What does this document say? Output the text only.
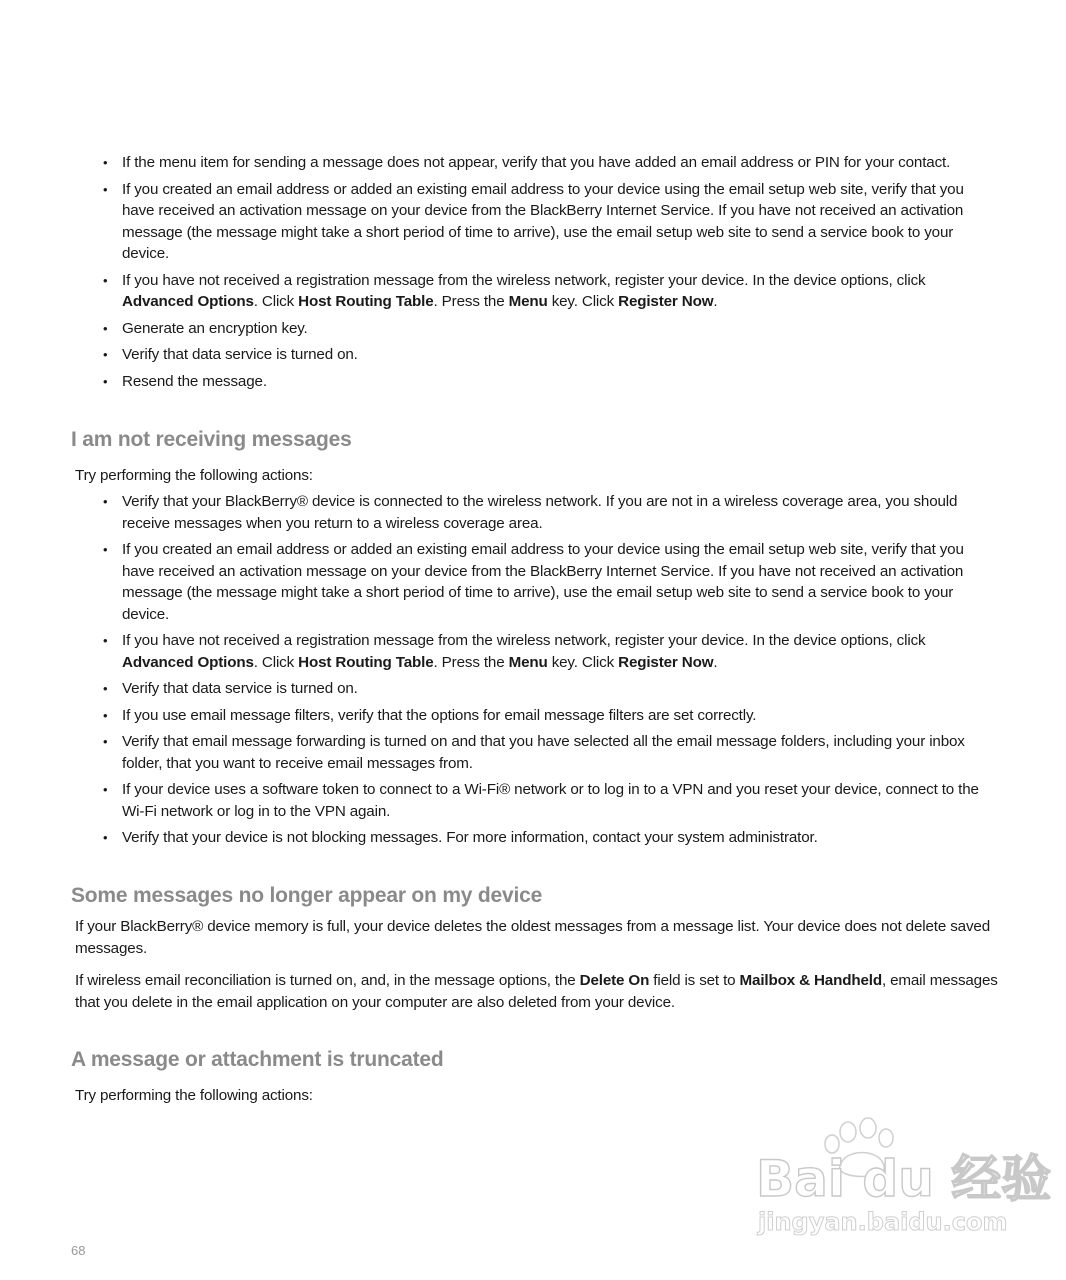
• If the menu item for sending a message does not appear, verify that you have added an email address or PIN for your contact.
• If you created an email address or added an existing email address to your device using the email setup web site, verify that you have received an activation message on your device from the BlackBerry Internet Service. If you have not received an activation message (the message might take a short period of time to arrive), use the email setup web site to send a service book to your device.
• If you have not received a registration message from the wireless network, register your device. In the device options, click Advanced Options. Click Host Routing Table. Press the Menu key. Click Register Now.
• Generate an encryption key.
• Verify that data service is turned on.
• Resend the message.
I am not receiving messages

Try performing the following actions:

• Verify that your BlackBerry® device is connected to the wireless network. If you are not in a wireless coverage area, you should receive messages when you return to a wireless coverage area.
• If you created an email address or added an existing email address to your device using the email setup web site, verify that you have received an activation message on your device from the BlackBerry Internet Service. If you have not received an activation message (the message might take a short period of time to arrive), use the email setup web site to send a service book to your device.
• If you have not received a registration message from the wireless network, register your device. In the device options, click Advanced Options. Click Host Routing Table. Press the Menu key. Click Register Now.
• Verify that data service is turned on.
• If you use email message filters, verify that the options for email message filters are set correctly.
• Verify that email message forwarding is turned on and that you have selected all the email message folders, including your inbox folder, that you want to receive email messages from.
• If your device uses a software token to connect to a Wi-Fi® network or to log in to a VPN and you reset your device, connect to the Wi-Fi network or log in to the VPN again.
• Verify that your device is not blocking messages. For more information, contact your system administrator.
Some messages no longer appear on my device

If your BlackBerry® device memory is full, your device deletes the oldest messages from a message list. Your device does not delete saved messages.

If wireless email reconciliation is turned on, and, in the message options, the Delete On field is set to Mailbox & Handheld, email messages that you delete in the email application on your computer are also deleted from your device.

A message or attachment is truncated

Try performing the following actions:

68
Bai du 经验
jingyan.baidu.com
